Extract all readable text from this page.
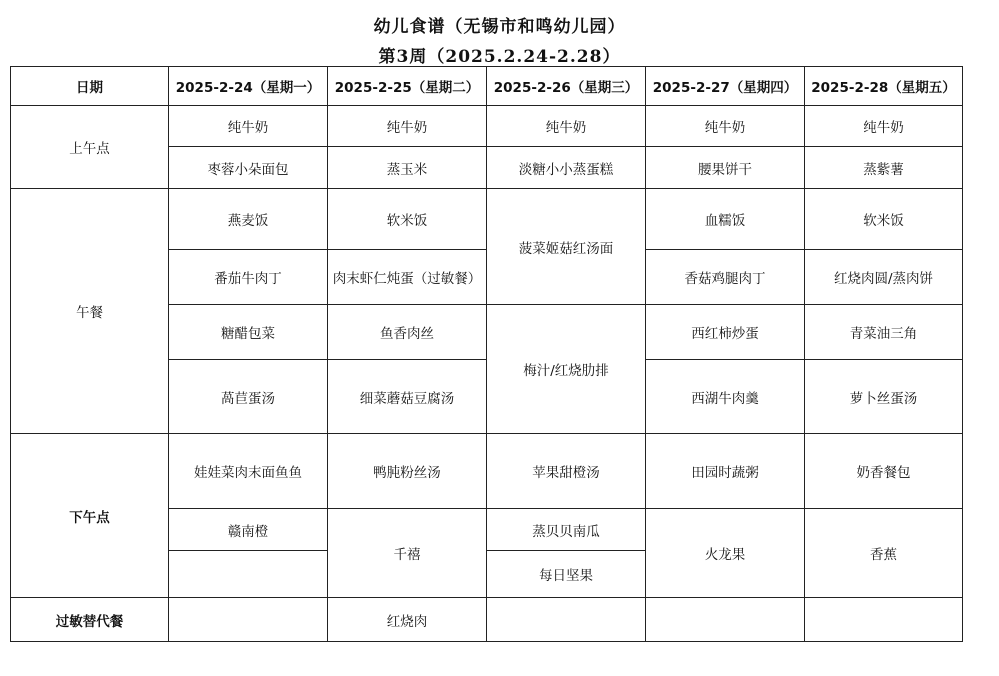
幼儿食谱（无锡市和鸣幼儿园）
第3周（2025.2.24-2.28）
日期	2025-2-24（星期一）	2025-2-25（星期二）	2025-2-26（星期三）	2025-2-27（星期四）	2025-2-28（星期五）
上午点	纯牛奶	纯牛奶	纯牛奶	纯牛奶	纯牛奶
	枣蓉小朵面包	蒸玉米	淡糖小小蒸蛋糕	腰果饼干	蒸紫薯
午餐	燕麦饭	软米饭	菠菜姬菇红汤面	血糯饭	软米饭
	番茄牛肉丁	肉末虾仁炖蛋（过敏餐）		香菇鸡腿肉丁	红烧肉圆/蒸肉饼
	糖醋包菜	鱼香肉丝	梅汁/红烧肋排	西红柿炒蛋	青菜油三角
	萵苣蛋汤	细菜蘑菇豆腐汤		西湖牛肉羹	萝卜丝蛋汤
下午点	娃娃菜肉末面鱼鱼	鸭肫粉丝汤	苹果甜橙汤	田园时蔬粥	奶香餐包
	赣南橙	千禧	蒸贝贝南瓜	火龙果	香蕉
			每日坚果		
过敏替代餐		红烧肉			
